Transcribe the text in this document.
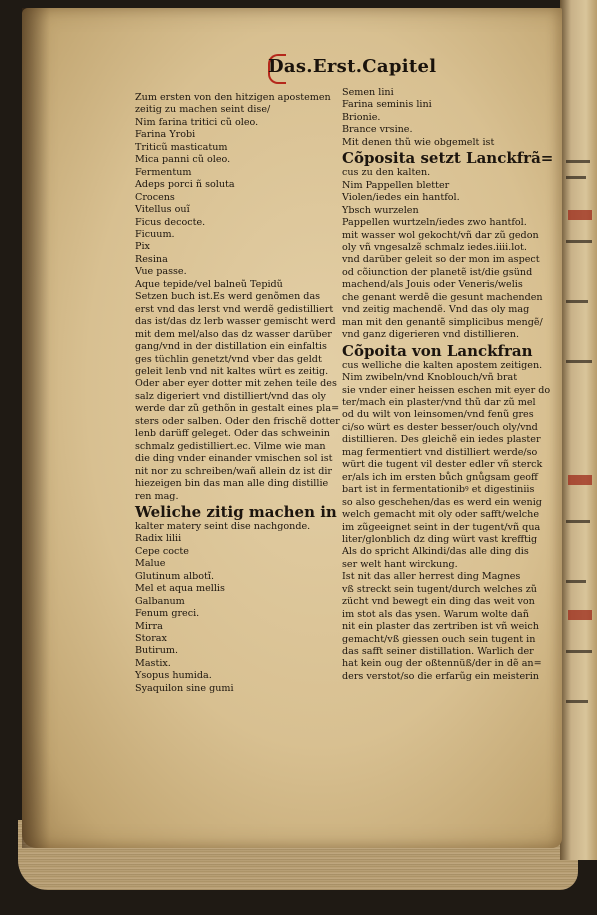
Das.Erst.Capitel
Zum ersten von den hitzigen apostemen
zeitig zu machen seint dise/
Nim farina tritici cũ oleo.
Farina Yrobi
Triticũ masticatum
Mica panni cũ oleo.
Fermentum
Adeps porci ñ soluta
Crocens
Vitellus ouĩ
Ficus decocte.
Ficuum.
Pix
Resina
Vue passe.
Aque tepide/vel balneũ Tepidũ
Setzen buch ist.Es werd genõmen das
erst vnd das lerst vnd werdẽ gedistilliert
das ist/das dz lerb wasser gemischt werd
mit dem mel/also das dz wasser darüber
gang/vnd in der distillation ein einfaltis
ges tüchlin genetzt/vnd vber das geldt
geleit lenb vnd nit kaltes würt es zeitig.
Oder aber eyer dotter mit zehen teile des
salz digeriert vnd distilliert/vnd das oly
werde dar zũ gethõn in gestalt eines pla=
sters oder salben. Oder den frischẽ dotter
lenb darüff geleget. Oder das schweinin
schmalz gedistilliert.ec. Vilme wie man
die ding vnder einander vmischen sol ist
nit nor zu schreiben/wañ allein dz ist dir
hiezeigen bin das man alle ding distillie
ren mag.
Weliche zitig machen in
kalter matery seint dise nachgonde.
Radix lilii
Cepe cocte
Malue
Glutinum albotĩ.
Mel et aqua mellis
Galbanum
Fenum greci.
Mirra
Storax
Butirum.
Mastix.
Ysopus humida.
Syaquilon sine gumi
Semen lini
Farina seminis lini
Brionie.
Brance vrsine.
Mit denen thũ wie obgemelt ist
Cõposita setzt Lanckfrã=
cus zu den kalten.
Nim Pappellen bletter
Violen/iedes ein hantfol.
Ybsch wurzelen
Pappellen wurtzeln/iedes zwo hantfol.
mit wasser wol gekocht/vñ dar zũ gedon
oly vñ vngesalzẽ schmalz iedes.iiii.lot.
vnd darüber geleit so der mon im aspect
od cõiunction der planetẽ ist/die gsünd
machend/als Jouis oder Veneris/welis
che genant werdẽ die gesunt machenden
vnd zeitig machendẽ. Vnd das oly mag
man mit den genantẽ simplicibus mengẽ/
vnd ganz digerieren vnd distillieren.
Cõpoita von Lanckfran
cus welliche die kalten apostem zeitigen.
Nim zwibeln/vnd Knoblouch/vñ brat
sie vnder einer heissen eschen mit eyer do
ter/mach ein plaster/vnd thũ dar zũ mel
od du wilt von leinsomen/vnd fenũ gres
ci/so würt es dester besser/ouch oly/vnd
distillieren. Des gleichẽ ein iedes plaster
mag fermentiert vnd distilliert werde/so
würt die tugent vil dester edler vñ sterck
er/als ich im ersten bůch gnůgsam geoff
bart ist in fermentationibꝰ et digestiniis
so also geschehen/das es werd ein wenig
welch gemacht mit oly oder safft/welche
im zũgeeignet seint in der tugent/vñ qua
liter/glonblich dz ding würt vast krefftig
Als do spricht Alkindi/das alle ding dis
ser welt hant wirckung.
Ist nit das aller herrest ding Magnes
vß streckt sein tugent/durch welches zũ
zücht vnd bewegt ein ding das weit von
im stot als das ysen. Warum wolte dañ
nit ein plaster das zertriben ist vñ weich
gemacht/vß giessen ouch sein tugent in
das safft seiner distillation. Warlich der
hat kein oug der oßtennüß/der in dẽ an=
ders verstot/so die erfarũg ein meisterin
